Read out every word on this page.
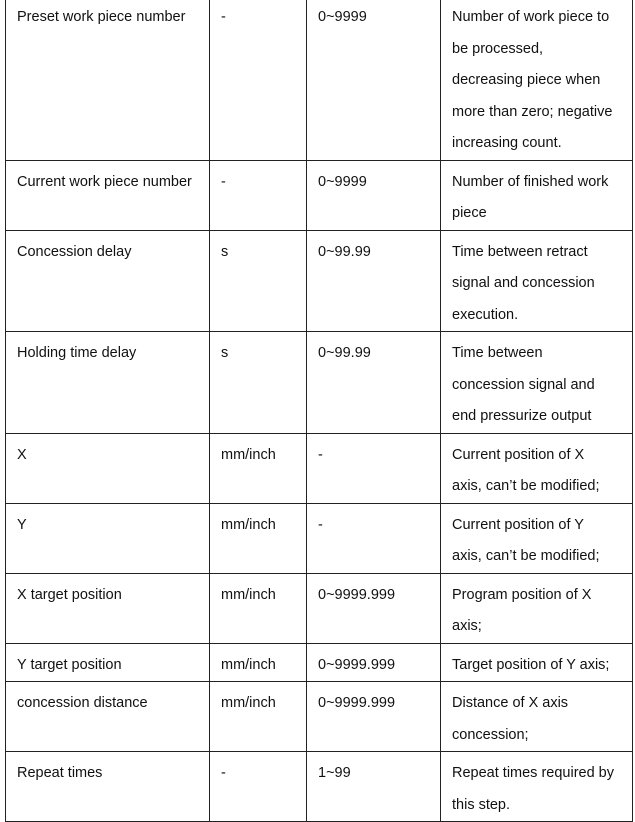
Preset work piece number	-	0~9999	Number of work piece to
be processed,
decreasing piece when
more than zero; negative
increasing count.

Current work piece number	-	0~9999	Number of finished work
piece

Concession delay	s	0~99.99	Time between retract
signal and concession
execution.

Holding time delay	s	0~99.99	Time between
concession signal and
end pressurize output

X	mm/inch	-	Current position of X
axis, can’t be modified;

Y	mm/inch	-	Current position of Y
axis, can’t be modified;

X target position	mm/inch	0~9999.999	Program position of X
axis;

Y target position	mm/inch	0~9999.999	Target position of Y axis;

concession distance	mm/inch	0~9999.999	Distance of X axis
concession;

Repeat times	-	1~99	Repeat times required by
this step.
